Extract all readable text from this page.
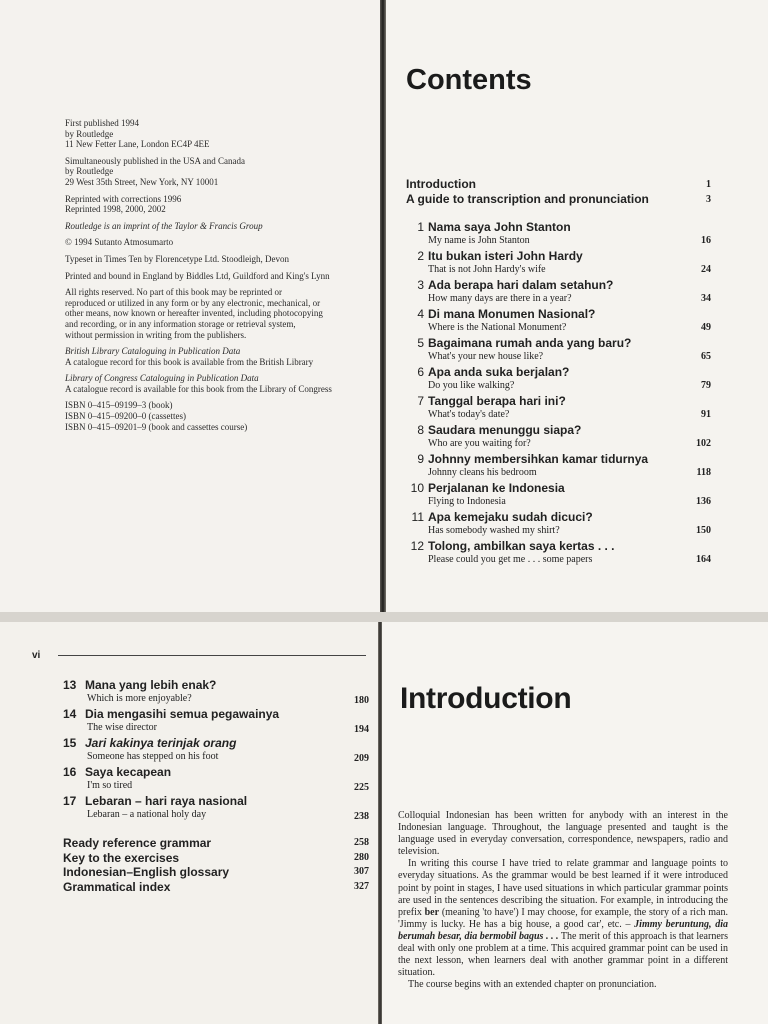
First published 1994
by Routledge
11 New Fetter Lane, London EC4P 4EE

Simultaneously published in the USA and Canada
by Routledge
29 West 35th Street, New York, NY 10001

Reprinted with corrections 1996
Reprinted 1998, 2000, 2002

Routledge is an imprint of the Taylor & Francis Group

© 1994 Sutanto Atmosumarto

Typeset in Times Ten by Florencetype Ltd. Stoodleigh, Devon

Printed and bound in England by Biddles Ltd, Guildford and King's Lynn

All rights reserved. No part of this book may be reprinted or
reproduced or utilized in any form or by any electronic, mechanical, or
other means, now known or hereafter invented, including photocopying
and recording, or in any information storage or retrieval system,
without permission in writing from the publishers.

British Library Cataloguing in Publication Data
A catalogue record for this book is available from the British Library

Library of Congress Cataloguing in Publication Data
A catalogue record is available for this book from the Library of Congress

ISBN 0–415–09199–3 (book)
ISBN 0–415–09200–0 (cassettes)
ISBN 0–415–09201–9 (book and cassettes course)

Contents
Introduction	1
A guide to transcription and pronunciation	3
1 Nama saya John Stanton
My name is John Stanton	16
2 Itu bukan isteri John Hardy
That is not John Hardy's wife	24
3 Ada berapa hari dalam setahun?
How many days are there in a year?	34
4 Di mana Monumen Nasional?
Where is the National Monument?	49
5 Bagaimana rumah anda yang baru?
What's your new house like?	65
6 Apa anda suka berjalan?
Do you like walking?	79
7 Tanggal berapa hari ini?
What's today's date?	91
8 Saudara menunggu siapa?
Who are you waiting for?	102
9 Johnny membersihkan kamar tidurnya
Johnny cleans his bedroom	118
10 Perjalanan ke Indonesia
Flying to Indonesia	136
11 Apa kemejaku sudah dicuci?
Has somebody washed my shirt?	150
12 Tolong, ambilkan saya kertas . . .
Please could you get me . . . some papers	164
vi
13 Mana yang lebih enak?
Which is more enjoyable?	180
14 Dia mengasihi semua pegawainya
The wise director	194
15 Jari kakinya terinjak orang
Someone has stepped on his foot	209
16 Saya kecapean
I'm so tired	225
17 Lebaran – hari raya nasional
Lebaran – a national holy day	238
Ready reference grammar	258
Key to the exercises	280
Indonesian–English glossary	307
Grammatical index	327
Introduction

Colloquial Indonesian has been written for anybody with an interest in the Indonesian language. Throughout, the language presented and taught is the language used in everyday conversation, correspondence, newspapers, radio and television.

In writing this course I have tried to relate grammar and language points to everyday situations. As the grammar would be best learned if it were introduced point by point in stages, I have used situations in which particular grammar points are used in the sentences describing the situation. For example, in introducing the prefix ber (meaning 'to have') I may choose, for example, the story of a rich man. 'Jimmy is lucky. He has a big house, a good car', etc. – Jimmy beruntung, dia berumah besar, dia bermobil bagus . . . The merit of this approach is that learners deal with only one problem at a time. This acquired grammar point can be used in the next lesson, when learners deal with another grammar point in a different situation.

The course begins with an extended chapter on pronunciation.
